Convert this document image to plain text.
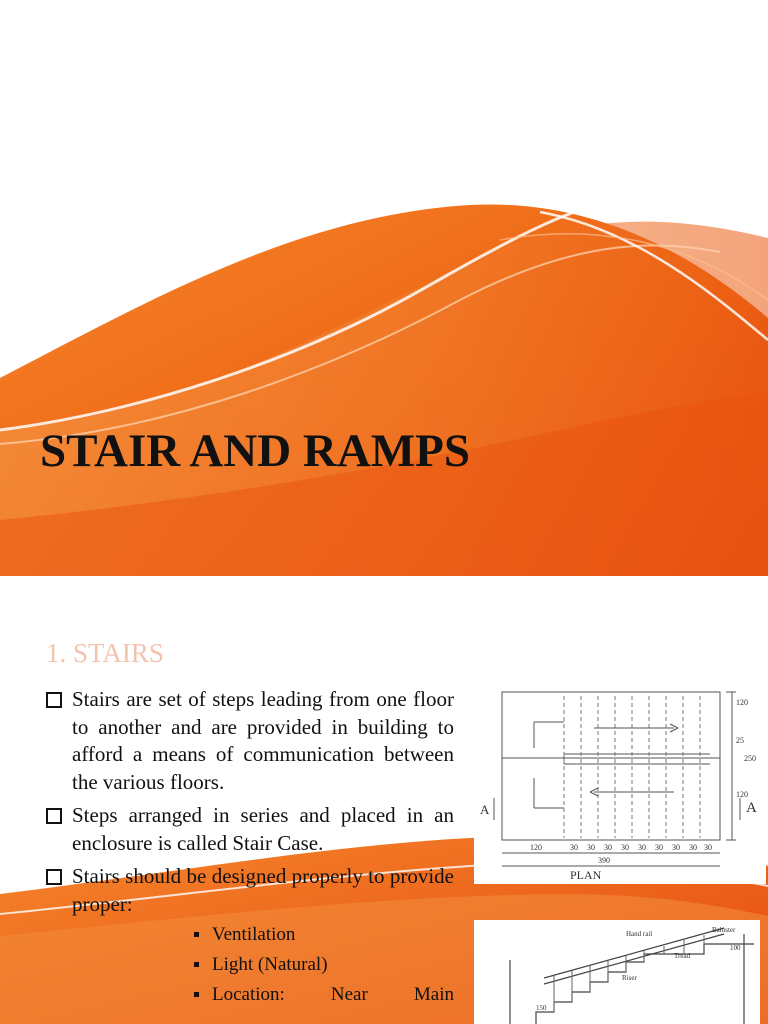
STAIR AND RAMPS
1. STAIRS
Stairs are set of steps leading from one floor to another and are provided in building to afford a means of communication between the various floors.
Steps arranged in series and placed in an enclosure is called Stair Case.
Stairs should be designed properly to provide proper:
Ventilation
Light (Natural)
Location: Near Main
A	A
120	30 30 30 30 30 30 30 30 30
390
120
25
250
120
PLAN
Hand rail	Baluster
Tread
Riser
100
150
